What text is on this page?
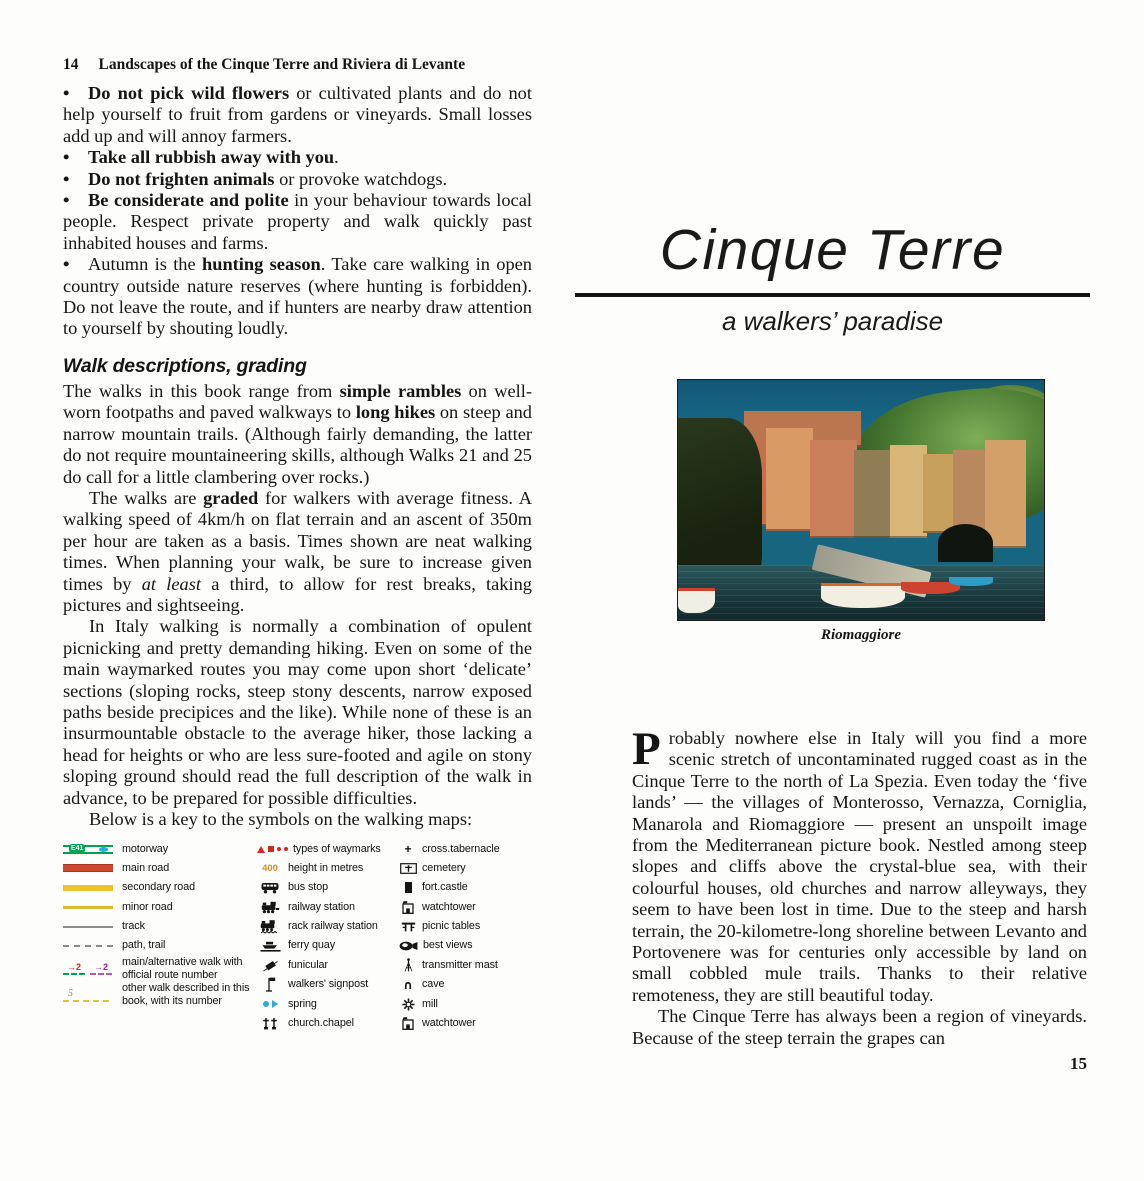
14 Landscapes of the Cinque Terre and Riviera di Levante

• Do not pick wild flowers or cultivated plants and do not help yourself to fruit from gardens or vineyards. Small losses add up and will annoy farmers.

• Take all rubbish away with you.

• Do not frighten animals or provoke watchdogs.

• Be considerate and polite in your behaviour towards local people. Respect private property and walk quickly past inhabited houses and farms.

• Autumn is the hunting season. Take care walking in open country outside nature reserves (where hunting is forbidden). Do not leave the route, and if hunters are nearby draw attention to yourself by shouting loudly.

Walk descriptions, grading

The walks in this book range from simple rambles on well-worn footpaths and paved walkways to long hikes on steep and narrow mountain trails. (Although fairly demanding, the latter do not require mountaineering skills, although Walks 21 and 25 do call for a little clambering over rocks.)

The walks are graded for walkers with average fitness. A walking speed of 4km/h on flat terrain and an ascent of 350m per hour are taken as a basis. Times shown are neat walking times. When planning your walk, be sure to increase given times by at least a third, to allow for rest breaks, taking pictures and sightseeing.

In Italy walking is normally a combination of opulent picnicking and pretty demanding hiking. Even on some of the main waymarked routes you may come upon short ‘delicate’ sections (sloping rocks, steep stony descents, narrow exposed paths beside precipices and the like). While none of these is an insurmountable obstacle to the average hiker, those lacking a head for heights or who are less sure-footed and agile on stony sloping ground should read the full description of the walk in advance, to be prepared for possible difficulties.

Below is a key to the symbols on the walking maps:

E41	motorway
main road
secondary road
minor road
track
path, trail
→2 →2	main/alternative walk with official route number
5	other walk described in this book, with its number
types of waymarks
400 height in metres
bus stop
railway station
rack railway station
ferry quay
funicular
walkers' signpost
spring
church.chapel
+ cross.tabernacle
cemetery
fort.castle
watchtower
picnic tables
best views
transmitter mast
∩ cave
mill
watchtower
Cinque Terre
a walkers’ paradise
Riomaggiore

Probably nowhere else in Italy will you find a more scenic stretch of uncontaminated rugged coast as in the Cinque Terre to the north of La Spezia. Even today the ‘five lands’ — the villages of Monterosso, Vernazza, Corniglia, Manarola and Riomaggiore — present an unspoilt image from the Mediterranean picture book. Nestled among steep slopes and cliffs above the crystal-blue sea, with their colourful houses, old churches and narrow alleyways, they seem to have been lost in time. Due to the steep and harsh terrain, the 20-kilometre-long shoreline between Levanto and Portovenere was for centuries only accessible by land on small cobbled mule trails. Thanks to their relative remoteness, they are still beautiful today.

The Cinque Terre has always been a region of vineyards. Because of the steep terrain the grapes can

15
